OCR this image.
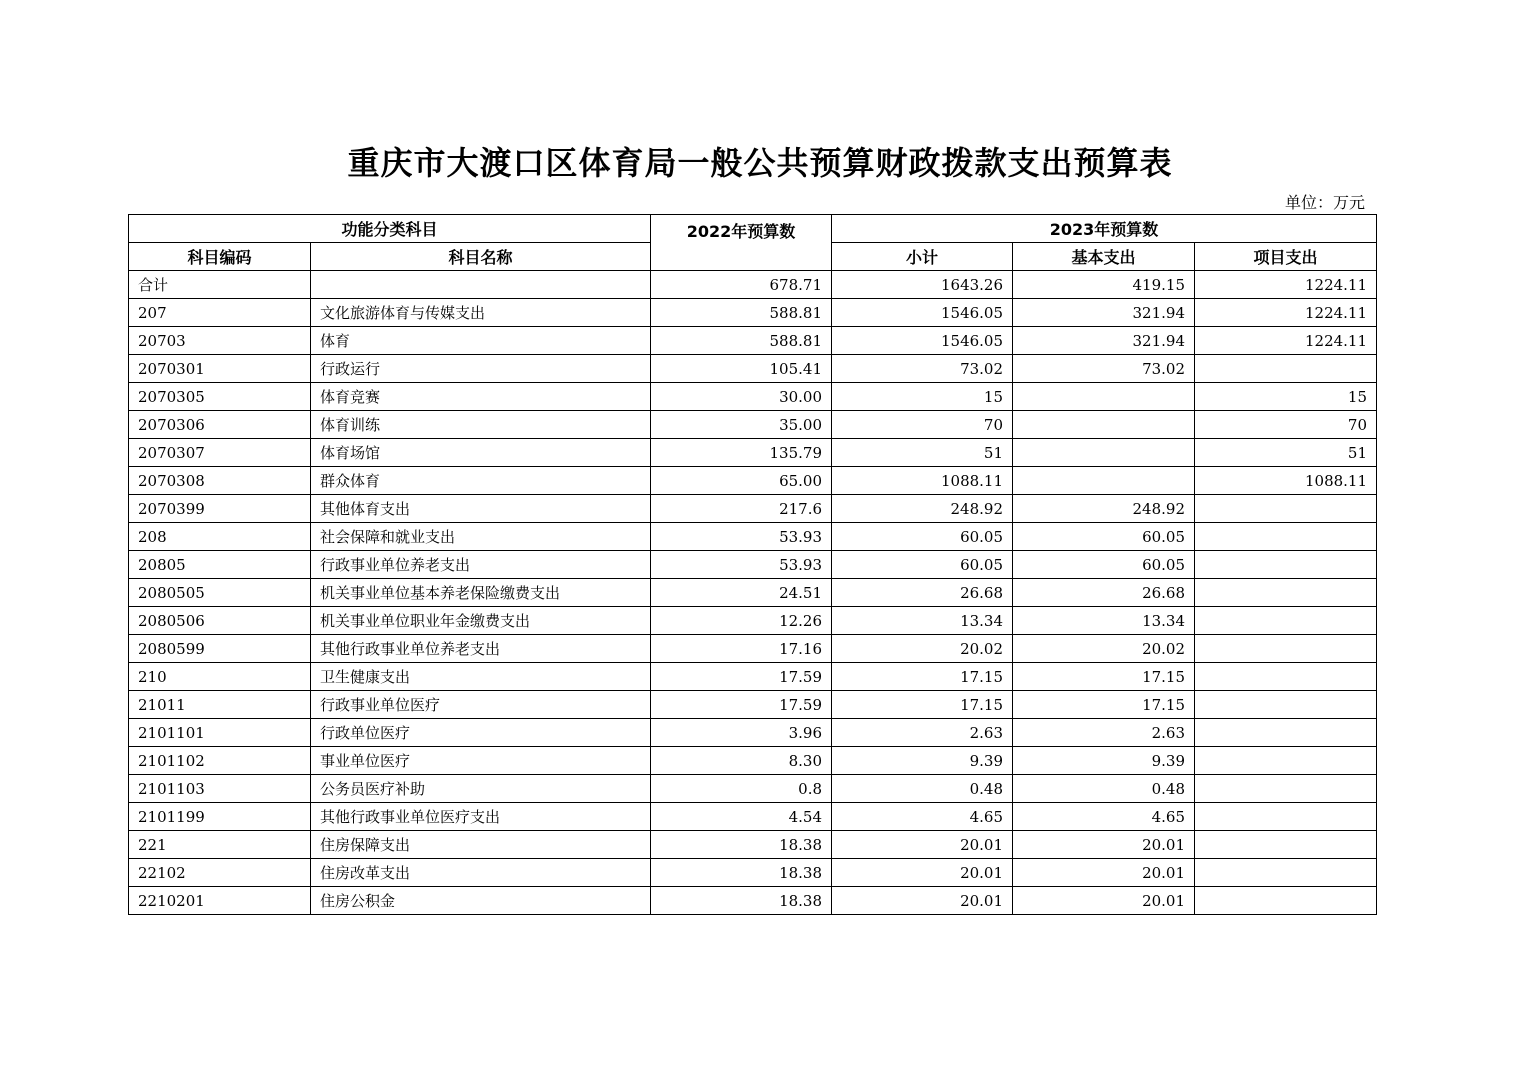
重庆市大渡口区体育局一般公共预算财政拨款支出预算表
单位：万元
功能分类科目		2022年预算数	2023年预算数		
科目编码	科目名称		小计	基本支出	项目支出
合计		678.71	1643.26	419.15	1224.11
207	文化旅游体育与传媒支出	588.81	1546.05	321.94	1224.11
20703	体育	588.81	1546.05	321.94	1224.11
2070301	行政运行	105.41	73.02	73.02	
2070305	体育竞赛	30.00	15		15
2070306	体育训练	35.00	70		70
2070307	体育场馆	135.79	51		51
2070308	群众体育	65.00	1088.11		1088.11
2070399	其他体育支出	217.6	248.92	248.92	
208	社会保障和就业支出	53.93	60.05	60.05	
20805	行政事业单位养老支出	53.93	60.05	60.05	
2080505	机关事业单位基本养老保险缴费支出	24.51	26.68	26.68	
2080506	机关事业单位职业年金缴费支出	12.26	13.34	13.34	
2080599	其他行政事业单位养老支出	17.16	20.02	20.02	
210	卫生健康支出	17.59	17.15	17.15	
21011	行政事业单位医疗	17.59	17.15	17.15	
2101101	行政单位医疗	3.96	2.63	2.63	
2101102	事业单位医疗	8.30	9.39	9.39	
2101103	公务员医疗补助	0.8	0.48	0.48	
2101199	其他行政事业单位医疗支出	4.54	4.65	4.65	
221	住房保障支出	18.38	20.01	20.01	
22102	住房改革支出	18.38	20.01	20.01	
2210201	住房公积金	18.38	20.01	20.01	
